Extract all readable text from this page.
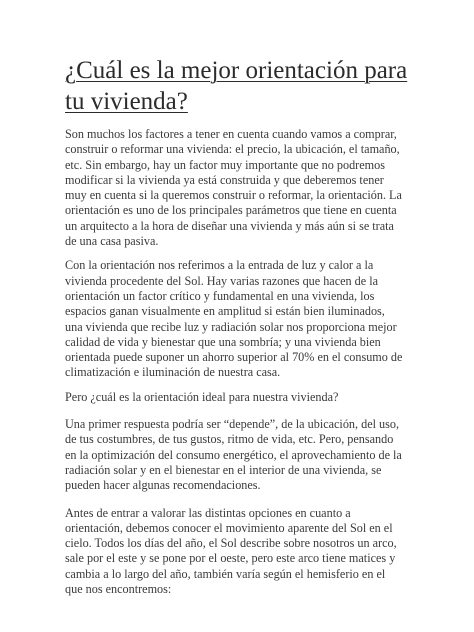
¿Cuál es la mejor orientación para tu vivienda?

Son muchos los factores a tener en cuenta cuando vamos a comprar, construir o reformar una vivienda: el precio, la ubicación, el tamaño, etc. Sin embargo, hay un factor muy importante que no podremos modificar si la vivienda ya está construida y que deberemos tener muy en cuenta si la queremos construir o reformar, la orientación. La orientación es uno de los principales parámetros que tiene en cuenta un arquitecto a la hora de diseñar una vivienda y más aún si se trata de una casa pasiva.

Con la orientación nos referimos a la entrada de luz y calor a la vivienda procedente del Sol. Hay varias razones que hacen de la orientación un factor crítico y fundamental en una vivienda, los espacios ganan visualmente en amplitud si están bien iluminados, una vivienda que recibe luz y radiación solar nos proporciona mejor calidad de vida y bienestar que una sombría; y una vivienda bien orientada puede suponer un ahorro superior al 70% en el consumo de climatización e iluminación de nuestra casa.

Pero ¿cuál es la orientación ideal para nuestra vivienda?

Una primer respuesta podría ser “depende”, de la ubicación, del uso, de tus costumbres, de tus gustos, ritmo de vida, etc. Pero, pensando en la optimización del consumo energético, el aprovechamiento de la radiación solar y en el bienestar en el interior de una vivienda, se pueden hacer algunas recomendaciones.

Antes de entrar a valorar las distintas opciones en cuanto a orientación, debemos conocer el movimiento aparente del Sol en el cielo. Todos los días del año, el Sol describe sobre nosotros un arco, sale por el este y se pone por el oeste, pero este arco tiene matices y cambia a lo largo del año, también varía según el hemisferio en el que nos encontremos:
